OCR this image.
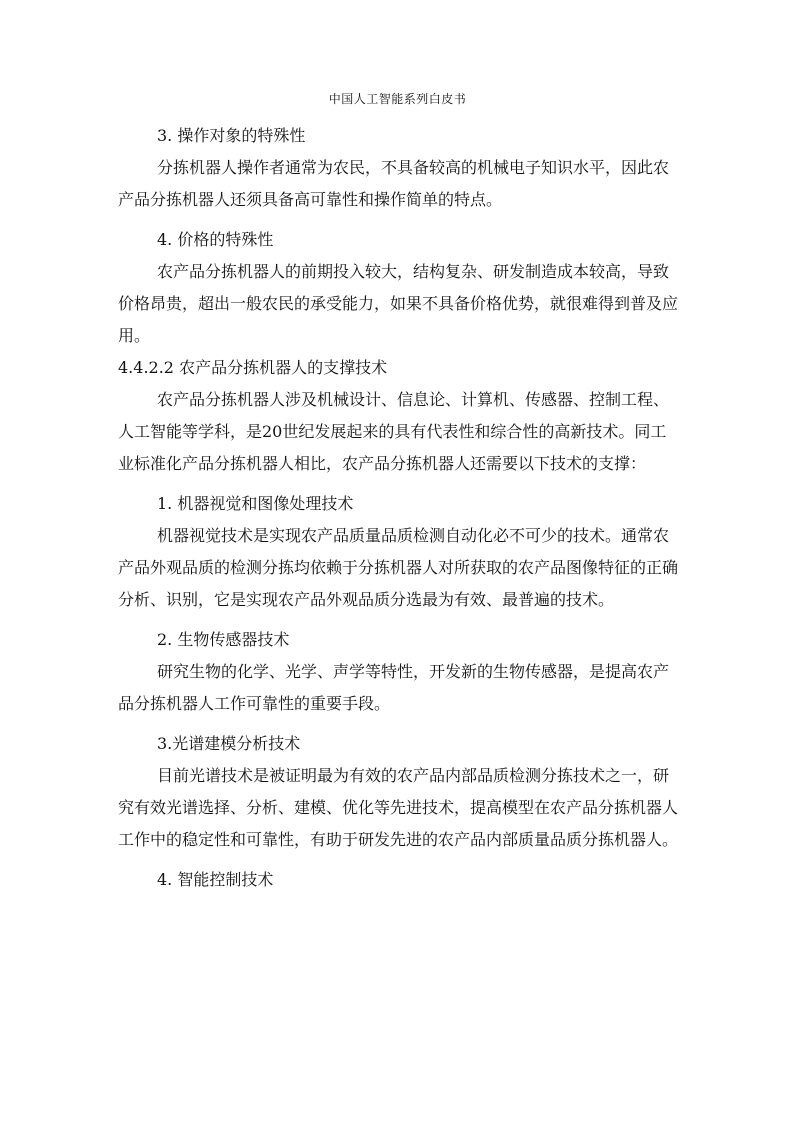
中国人工智能系列白皮书

3. 操作对象的特殊性

分拣机器人操作者通常为农民，不具备较高的机械电子知识水平，因此农产品分拣机器人还须具备高可靠性和操作简单的特点。

4. 价格的特殊性

农产品分拣机器人的前期投入较大，结构复杂、研发制造成本较高，导致价格昂贵，超出一般农民的承受能力，如果不具备价格优势，就很难得到普及应用。

4.4.2.2 农产品分拣机器人的支撑技术

农产品分拣机器人涉及机械设计、信息论、计算机、传感器、控制工程、人工智能等学科，是20世纪发展起来的具有代表性和综合性的高新技术。同工业标准化产品分拣机器人相比，农产品分拣机器人还需要以下技术的支撑：

1. 机器视觉和图像处理技术

机器视觉技术是实现农产品质量品质检测自动化必不可少的技术。通常农产品外观品质的检测分拣均依赖于分拣机器人对所获取的农产品图像特征的正确分析、识别，它是实现农产品外观品质分选最为有效、最普遍的技术。

2. 生物传感器技术

研究生物的化学、光学、声学等特性，开发新的生物传感器，是提高农产品分拣机器人工作可靠性的重要手段。

3.光谱建模分析技术

目前光谱技术是被证明最为有效的农产品内部品质检测分拣技术之一，研究有效光谱选择、分析、建模、优化等先进技术，提高模型在农产品分拣机器人工作中的稳定性和可靠性，有助于研发先进的农产品内部质量品质分拣机器人。

4. 智能控制技术
